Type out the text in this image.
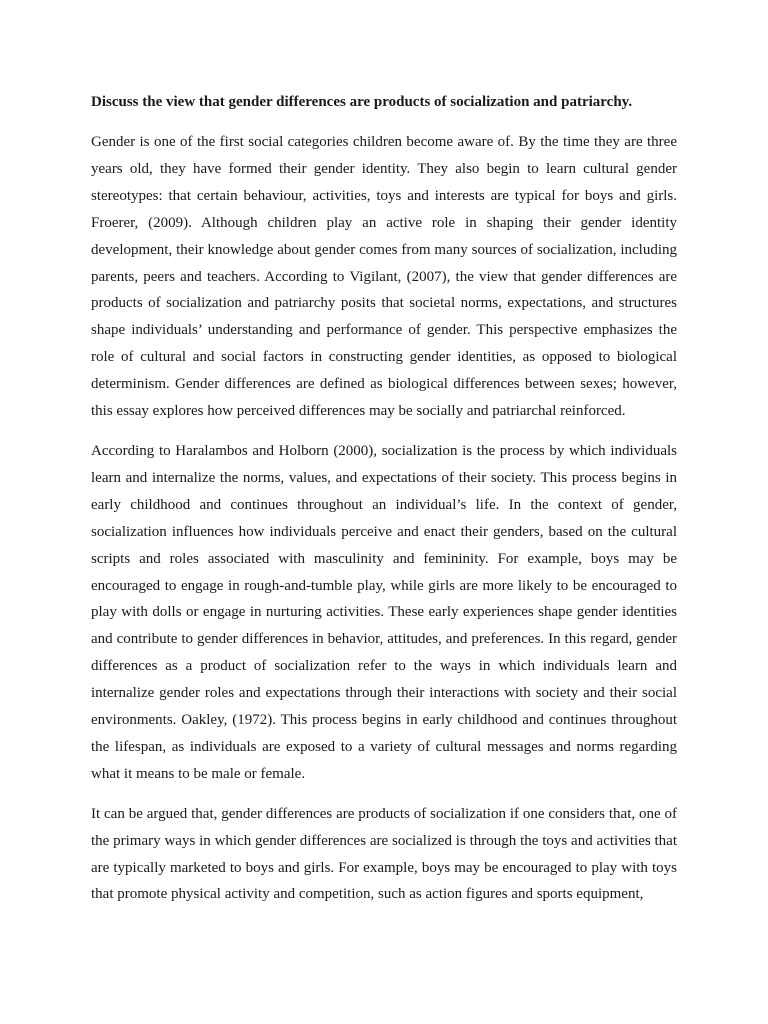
Discuss the view that gender differences are products of socialization and patriarchy.

Gender is one of the first social categories children become aware of. By the time they are three years old, they have formed their gender identity. They also begin to learn cultural gender stereotypes: that certain behaviour, activities, toys and interests are typical for boys and girls. Froerer, (2009). Although children play an active role in shaping their gender identity development, their knowledge about gender comes from many sources of socialization, including parents, peers and teachers. According to Vigilant, (2007), the view that gender differences are products of socialization and patriarchy posits that societal norms, expectations, and structures shape individuals’ understanding and performance of gender. This perspective emphasizes the role of cultural and social factors in constructing gender identities, as opposed to biological determinism. Gender differences are defined as biological differences between sexes; however, this essay explores how perceived differences may be socially and patriarchal reinforced.

According to Haralambos and Holborn (2000), socialization is the process by which individuals learn and internalize the norms, values, and expectations of their society. This process begins in early childhood and continues throughout an individual’s life. In the context of gender, socialization influences how individuals perceive and enact their genders, based on the cultural scripts and roles associated with masculinity and femininity. For example, boys may be encouraged to engage in rough-and-tumble play, while girls are more likely to be encouraged to play with dolls or engage in nurturing activities. These early experiences shape gender identities and contribute to gender differences in behavior, attitudes, and preferences. In this regard, gender differences as a product of socialization refer to the ways in which individuals learn and internalize gender roles and expectations through their interactions with society and their social environments. Oakley, (1972). This process begins in early childhood and continues throughout the lifespan, as individuals are exposed to a variety of cultural messages and norms regarding what it means to be male or female.

It can be argued that, gender differences are products of socialization if one considers that, one of the primary ways in which gender differences are socialized is through the toys and activities that are typically marketed to boys and girls. For example, boys may be encouraged to play with toys that promote physical activity and competition, such as action figures and sports equipment,
